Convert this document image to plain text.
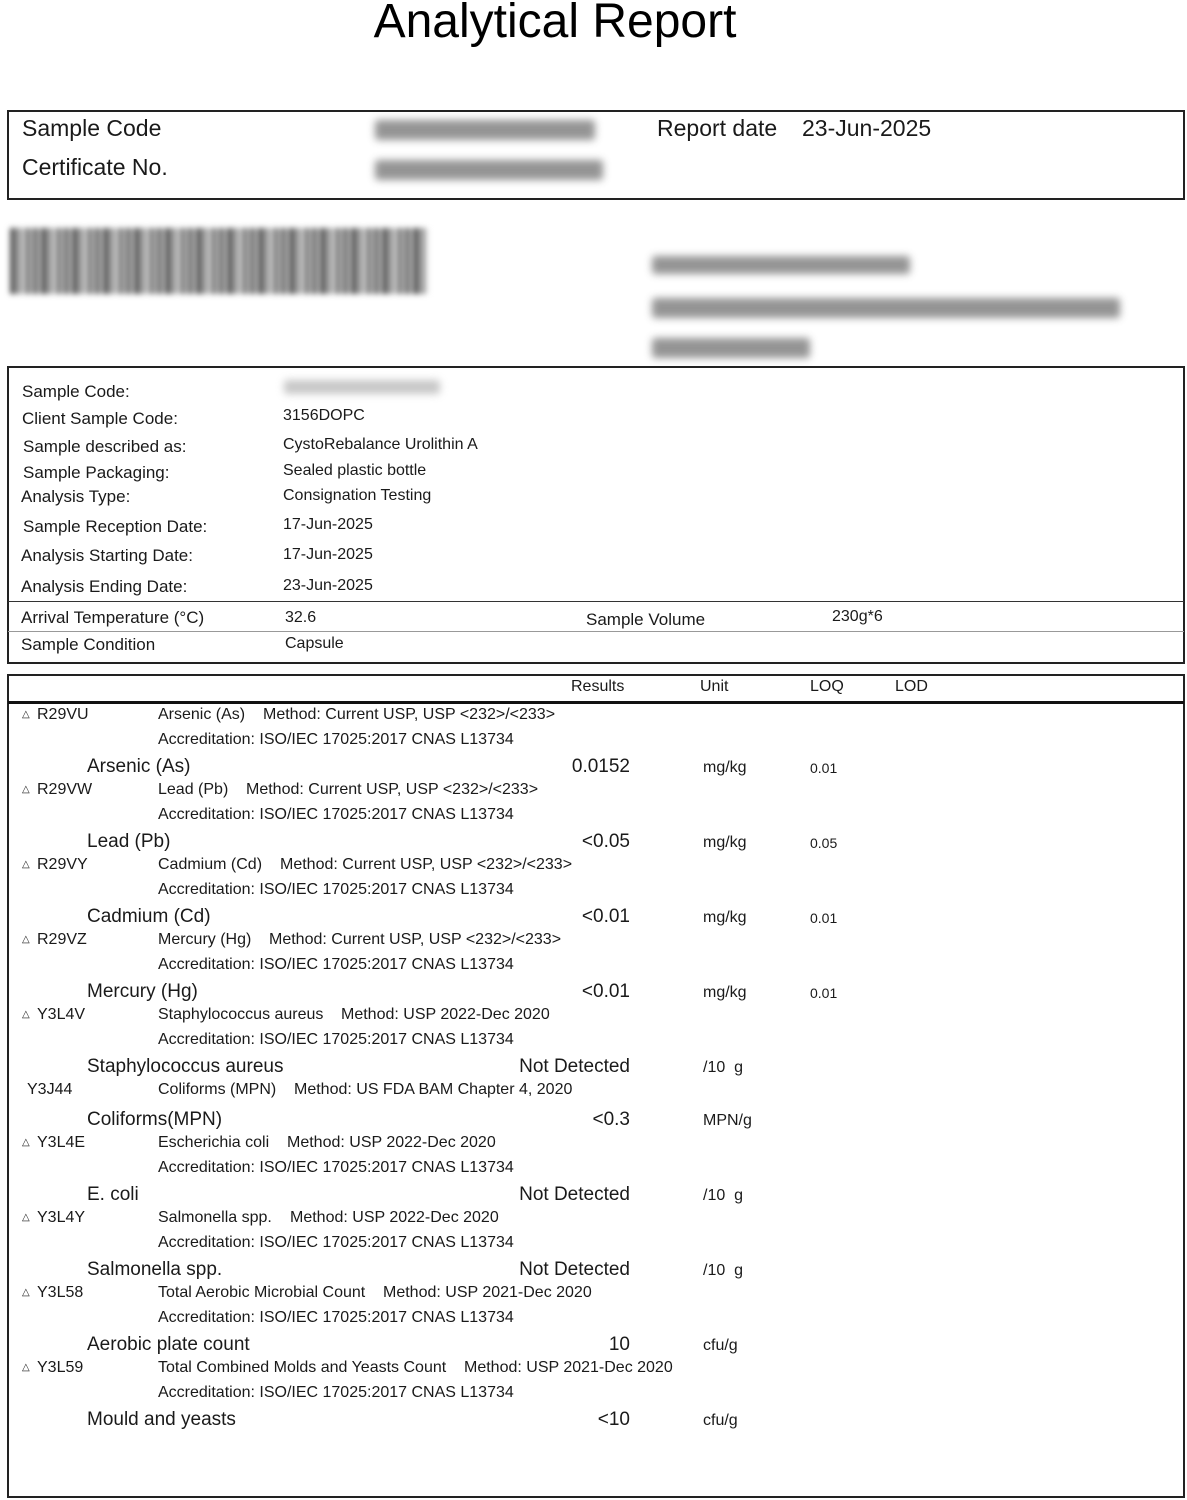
Analytical Report
Sample Code
Certificate No.
Report date 23-Jun-2025
Sample Code:
Client Sample Code:	3156DOPC
Sample described as:	CystoRebalance Urolithin A
Sample Packaging:	Sealed plastic bottle
Analysis Type:	Consignation Testing
Sample Reception Date:	17-Jun-2025
Analysis Starting Date:	17-Jun-2025
Analysis Ending Date:	23-Jun-2025
Arrival Temperature (°C)	32.6	Sample Volume	230g*6
Sample Condition	Capsule
Results	Unit	LOQ	LOD
△ R29VU	Arsenic (As) Method: Current USP, USP <232>/<233>
Accreditation: ISO/IEC 17025:2017 CNAS L13734
Arsenic (As)	0.0152	mg/kg	0.01
△ R29VW	Lead (Pb) Method: Current USP, USP <232>/<233>
Accreditation: ISO/IEC 17025:2017 CNAS L13734
Lead (Pb)	<0.05	mg/kg	0.05
△ R29VY	Cadmium (Cd) Method: Current USP, USP <232>/<233>
Accreditation: ISO/IEC 17025:2017 CNAS L13734
Cadmium (Cd)	<0.01	mg/kg	0.01
△ R29VZ	Mercury (Hg) Method: Current USP, USP <232>/<233>
Accreditation: ISO/IEC 17025:2017 CNAS L13734
Mercury (Hg)	<0.01	mg/kg	0.01
△ Y3L4V	Staphylococcus aureus Method: USP 2022-Dec 2020
Accreditation: ISO/IEC 17025:2017 CNAS L13734
Staphylococcus aureus	Not Detected	/10  g
Y3J44	Coliforms (MPN) Method: US FDA BAM Chapter 4, 2020
Coliforms(MPN)	<0.3	MPN/g
△ Y3L4E	Escherichia coli Method: USP 2022-Dec 2020
Accreditation: ISO/IEC 17025:2017 CNAS L13734
E. coli	Not Detected	/10  g
△ Y3L4Y	Salmonella spp. Method: USP 2022-Dec 2020
Accreditation: ISO/IEC 17025:2017 CNAS L13734
Salmonella spp.	Not Detected	/10  g
△ Y3L58	Total Aerobic Microbial Count Method: USP 2021-Dec 2020
Accreditation: ISO/IEC 17025:2017 CNAS L13734
Aerobic plate count	10	cfu/g
△ Y3L59	Total Combined Molds and Yeasts Count Method: USP 2021-Dec 2020
Accreditation: ISO/IEC 17025:2017 CNAS L13734
Mould and yeasts	<10	cfu/g
